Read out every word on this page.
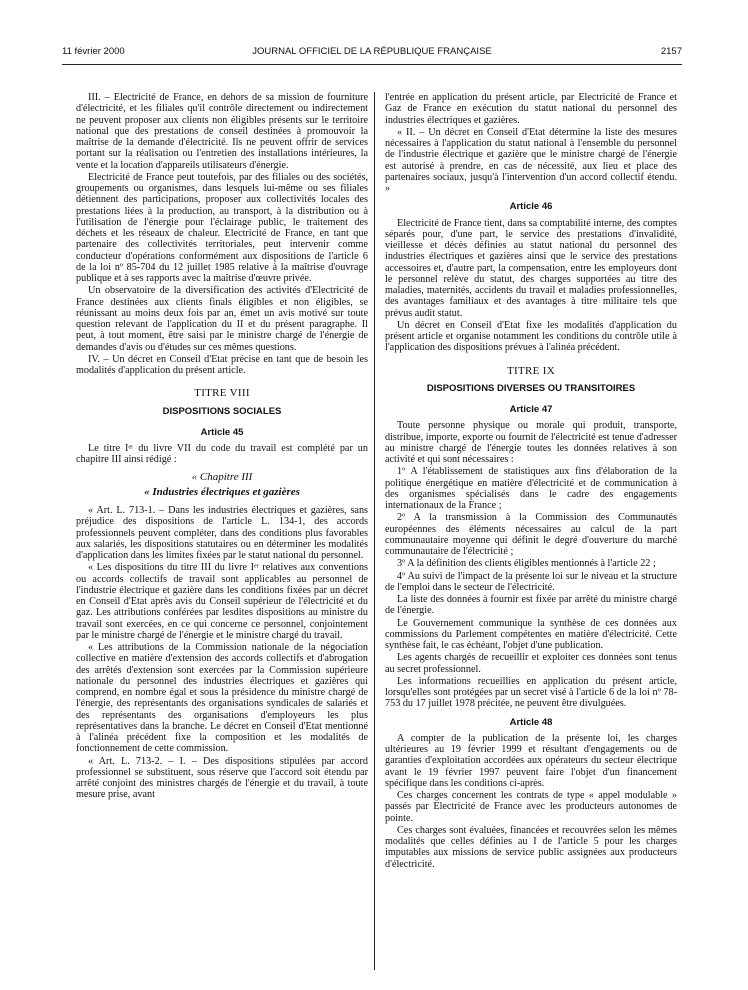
11 février 2000	JOURNAL OFFICIEL DE LA RÉPUBLIQUE FRANÇAISE	2157

III. – Electricité de France, en dehors de sa mission de fourniture d'électricité, et les filiales qu'il contrôle directement ou indirectement ne peuvent proposer aux clients non éligibles présents sur le territoire national que des prestations de conseil destinées à promouvoir la maîtrise de la demande d'électricité. Ils ne peuvent offrir de services portant sur la réalisation ou l'entretien des installations intérieures, la vente et la location d'appareils utilisateurs d'énergie.

Electricité de France peut toutefois, par des filiales ou des sociétés, groupements ou organismes, dans lesquels lui-même ou ses filiales détiennent des participations, proposer aux collectivités locales des prestations liées à la production, au transport, à la distribution ou à l'utilisation de l'énergie pour l'éclairage public, le traitement des déchets et les réseaux de chaleur. Electricité de France, en tant que partenaire des collectivités territoriales, peut intervenir comme conducteur d'opérations conformément aux dispositions de l'article 6 de la loi nº 85-704 du 12 juillet 1985 relative à la maîtrise d'ouvrage publique et à ses rapports avec la maîtrise d'œuvre privée.

Un observatoire de la diversification des activités d'Electricité de France destinées aux clients finals éligibles et non éligibles, se réunissant au moins deux fois par an, émet un avis motivé sur toute question relevant de l'application du II et du présent paragraphe. Il peut, à tout moment, être saisi par le ministre chargé de l'énergie de demandes d'avis ou d'études sur ces mêmes questions.

IV. – Un décret en Conseil d'Etat précise en tant que de besoin les modalités d'application du présent article.

TITRE VIII
DISPOSITIONS SOCIALES
Article 45

Le titre Iᵉʳ du livre VII du code du travail est complété par un chapitre III ainsi rédigé :

« Chapitre III
« Industries électriques et gazières

« Art. L. 713-1. – Dans les industries électriques et gazières, sans préjudice des dispositions de l'article L. 134-1, des accords professionnels peuvent compléter, dans des conditions plus favorables aux salariés, les dispositions statutaires ou en déterminer les modalités d'application dans les limites fixées par le statut national du personnel.

« Les dispositions du titre III du livre Iᵉʳ relatives aux conventions ou accords collectifs de travail sont applicables au personnel de l'industrie électrique et gazière dans les conditions fixées par un décret en Conseil d'Etat après avis du Conseil supérieur de l'électricité et du gaz. Les attributions conférées par lesdites dispositions au ministre du travail sont exercées, en ce qui concerne ce personnel, conjointement par le ministre chargé de l'énergie et le ministre chargé du travail.

« Les attributions de la Commission nationale de la négociation collective en matière d'extension des accords collectifs et d'abrogation des arrêtés d'extension sont exercées par la Commission supérieure nationale du personnel des industries électriques et gazières qui comprend, en nombre égal et sous la présidence du ministre chargé de l'énergie, des représentants des organisations syndicales de salariés et des représentants des organisations d'employeurs les plus représentatives dans la branche. Le décret en Conseil d'Etat mentionné à l'alinéa précédent fixe la composition et les modalités de fonctionnement de cette commission.

« Art. L. 713-2. – I. – Des dispositions stipulées par accord professionnel se substituent, sous réserve que l'accord soit étendu par arrêté conjoint des ministres chargés de l'énergie et du travail, à toute mesure prise, avant

l'entrée en application du présent article, par Electricité de France et Gaz de France en exécution du statut national du personnel des industries électriques et gazières.

« II. – Un décret en Conseil d'Etat détermine la liste des mesures nécessaires à l'application du statut national à l'ensemble du personnel de l'industrie électrique et gazière que le ministre chargé de l'énergie est autorisé à prendre, en cas de nécessité, aux lieu et place des partenaires sociaux, jusqu'à l'intervention d'un accord collectif étendu. »

Article 46

Electricité de France tient, dans sa comptabilité interne, des comptes séparés pour, d'une part, le service des prestations d'invalidité, vieillesse et décès définies au statut national du personnel des industries électriques et gazières ainsi que le service des prestations accessoires et, d'autre part, la compensation, entre les employeurs dont le personnel relève du statut, des charges supportées au titre des maladies, maternités, accidents du travail et maladies professionnelles, des avantages familiaux et des avantages à titre militaire tels que prévus audit statut.

Un décret en Conseil d'Etat fixe les modalités d'application du présent article et organise notamment les conditions du contrôle utile à l'application des dispositions prévues à l'alinéa précédent.

TITRE IX
DISPOSITIONS DIVERSES OU TRANSITOIRES
Article 47

Toute personne physique ou morale qui produit, transporte, distribue, importe, exporte ou fournit de l'électricité est tenue d'adresser au ministre chargé de l'énergie toutes les données relatives à son activité et qui sont nécessaires :

1º A l'établissement de statistiques aux fins d'élaboration de la politique énergétique en matière d'électricité et de communication à des organismes spécialisés dans le cadre des engagements internationaux de la France ;

2º A la transmission à la Commission des Communautés européennes des éléments nécessaires au calcul de la part communautaire moyenne qui définit le degré d'ouverture du marché communautaire de l'électricité ;

3º A la définition des clients éligibles mentionnés à l'article 22 ;

4º Au suivi de l'impact de la présente loi sur le niveau et la structure de l'emploi dans le secteur de l'électricité.

La liste des données à fournir est fixée par arrêté du ministre chargé de l'énergie.

Le Gouvernement communique la synthèse de ces données aux commissions du Parlement compétentes en matière d'électricité. Cette synthèse fait, le cas échéant, l'objet d'une publication.

Les agents chargés de recueillir et exploiter ces données sont tenus au secret professionnel.

Les informations recueillies en application du présent article, lorsqu'elles sont protégées par un secret visé à l'article 6 de la loi nº 78-753 du 17 juillet 1978 précitée, ne peuvent être divulguées.

Article 48

A compter de la publication de la présente loi, les charges ultérieures au 19 février 1999 et résultant d'engagements ou de garanties d'exploitation accordées aux opérateurs du secteur électrique avant le 19 février 1997 peuvent faire l'objet d'un financement spécifique dans les conditions ci-après.

Ces charges concernent les contrats de type « appel modulable » passés par Electricité de France avec les producteurs autonomes de pointe.

Ces charges sont évaluées, financées et recouvrées selon les mêmes modalités que celles définies au I de l'article 5 pour les charges imputables aux missions de service public assignées aux producteurs d'électricité.
